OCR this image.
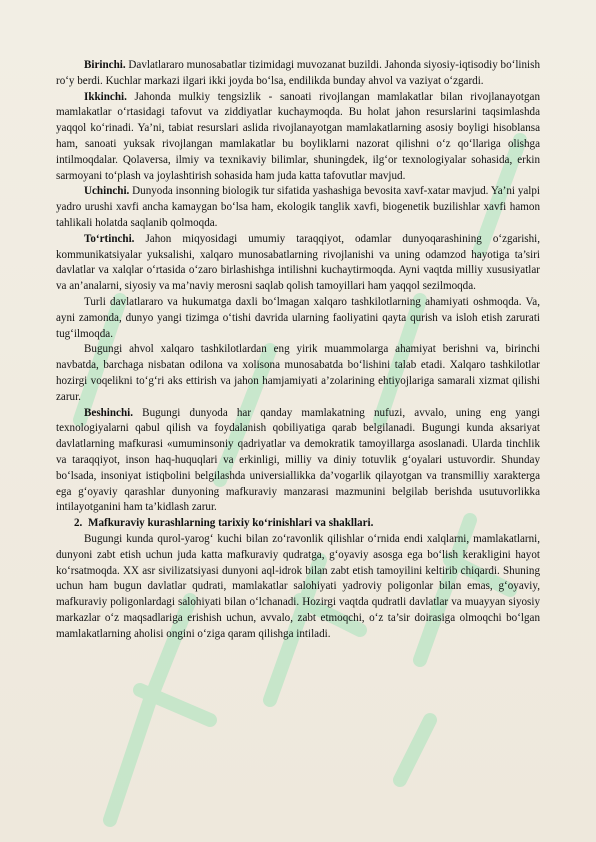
Birinchi. Davlatlararo munosabatlar tizimidagi muvozanat buzildi. Jahonda siyosiy-iqtisodiy bo‘linish ro‘y berdi. Kuchlar markazi ilgari ikki joyda bo‘lsa, endilikda bunday ahvol va vaziyat o‘zgardi.

Ikkinchi. Jahonda mulkiy tengsizlik - sanoati rivojlangan mamlakatlar bilan rivojlanayotgan mamlakatlar o‘rtasidagi tafovut va ziddiyatlar kuchaymoqda. Bu holat jahon resurslarini taqsimlashda yaqqol ko‘rinadi. Ya’ni, tabiat resurslari aslida rivojlanayotgan mamlakatlarning asosiy boyligi hisoblansa ham, sanoati yuksak rivojlangan mamlakatlar bu boyliklarni nazorat qilishni o‘z qo‘llariga olishga intilmoqdalar. Qolaversa, ilmiy va texnikaviy bilimlar, shuningdek, ilg‘or texnologiyalar sohasida, erkin sarmoyani to‘plash va joylashtirish sohasida ham juda katta tafovutlar mavjud.

Uchinchi. Dunyoda insonning biologik tur sifatida yashashiga bevosita xavf-xatar mavjud. Ya’ni yalpi yadro urushi xavfi ancha kamaygan bo‘lsa ham, ekologik tanglik xavfi, biogenetik buzilishlar xavfi hamon tahlikali holatda saqlanib qolmoqda.

To‘rtinchi. Jahon miqyosidagi umumiy taraqqiyot, odamlar dunyoqarashining o‘zgarishi, kommunikatsiyalar yuksalishi, xalqaro munosabatlarning rivojlanishi va uning odamzod hayotiga ta’siri davlatlar va xalqlar o‘rtasida o‘zaro birlashishga intilishni kuchaytirmoqda. Ayni vaqtda milliy xususiyatlar va an’analarni, siyosiy va ma’naviy merosni saqlab qolish tamoyillari ham yaqqol sezilmoqda.

Turli davlatlararo va hukumatga daxli bo‘lmagan xalqaro tashkilotlarning ahamiyati oshmoqda. Va, ayni zamonda, dunyo yangi tizimga o‘tishi davrida ularning faoliyatini qayta qurish va isloh etish zarurati tug‘ilmoqda.

Bugungi ahvol xalqaro tashkilotlardan eng yirik muammolarga ahamiyat berishni va, birinchi navbatda, barchaga nisbatan odilona va xolisona munosabatda bo‘lishini talab etadi. Xalqaro tashkilotlar hozirgi voqelikni to‘g‘ri aks ettirish va jahon hamjamiyati a’zolarining ehtiyojlariga samarali xizmat qilishi zarur.

Beshinchi. Bugungi dunyoda har qanday mamlakatning nufuzi, avvalo, uning eng yangi texnologiyalarni qabul qilish va foydalanish qobiliyatiga qarab belgilanadi. Bugungi kunda aksariyat davlatlarning mafkurasi «umuminsoniy qadriyatlar va demokratik tamoyillarga asoslanadi. Ularda tinchlik va taraqqiyot, inson haq-huquqlari va erkinligi, milliy va diniy totuvlik g‘oyalari ustuvordir. Shunday bo‘lsada, insoniyat istiqbolini belgilashda universiallikka da’vogarlik qilayotgan va transmilliy xarakterga ega g‘oyaviy qarashlar dunyoning mafkuraviy manzarasi mazmunini belgilab berishda usutuvorlikka intilayotganini ham ta’kidlash zarur.

2. Mafkuraviy kurashlarning tarixiy ko‘rinishlari va shakllari.

Bugungi kunda qurol-yarog‘ kuchi bilan zo‘ravonlik qilishlar o‘rnida endi xalqlarni, mamlakatlarni, dunyoni zabt etish uchun juda katta mafkuraviy qudratga, g‘oyaviy asosga ega bo‘lish kerakligini hayot ko‘rsatmoqda. XX asr sivilizatsiyasi dunyoni aql-idrok bilan zabt etish tamoyilini keltirib chiqardi. Shuning uchun ham bugun davlatlar qudrati, mamlakatlar salohiyati yadroviy poligonlar bilan emas, g‘oyaviy, mafkuraviy poligonlardagi salohiyati bilan o‘lchanadi. Hozirgi vaqtda qudratli davlatlar va muayyan siyosiy markazlar o‘z maqsadlariga erishish uchun, avvalo, zabt etmoqchi, o‘z ta’sir doirasiga olmoqchi bo‘lgan mamlakatlarning aholisi ongini o‘ziga qaram qilishga intiladi.
